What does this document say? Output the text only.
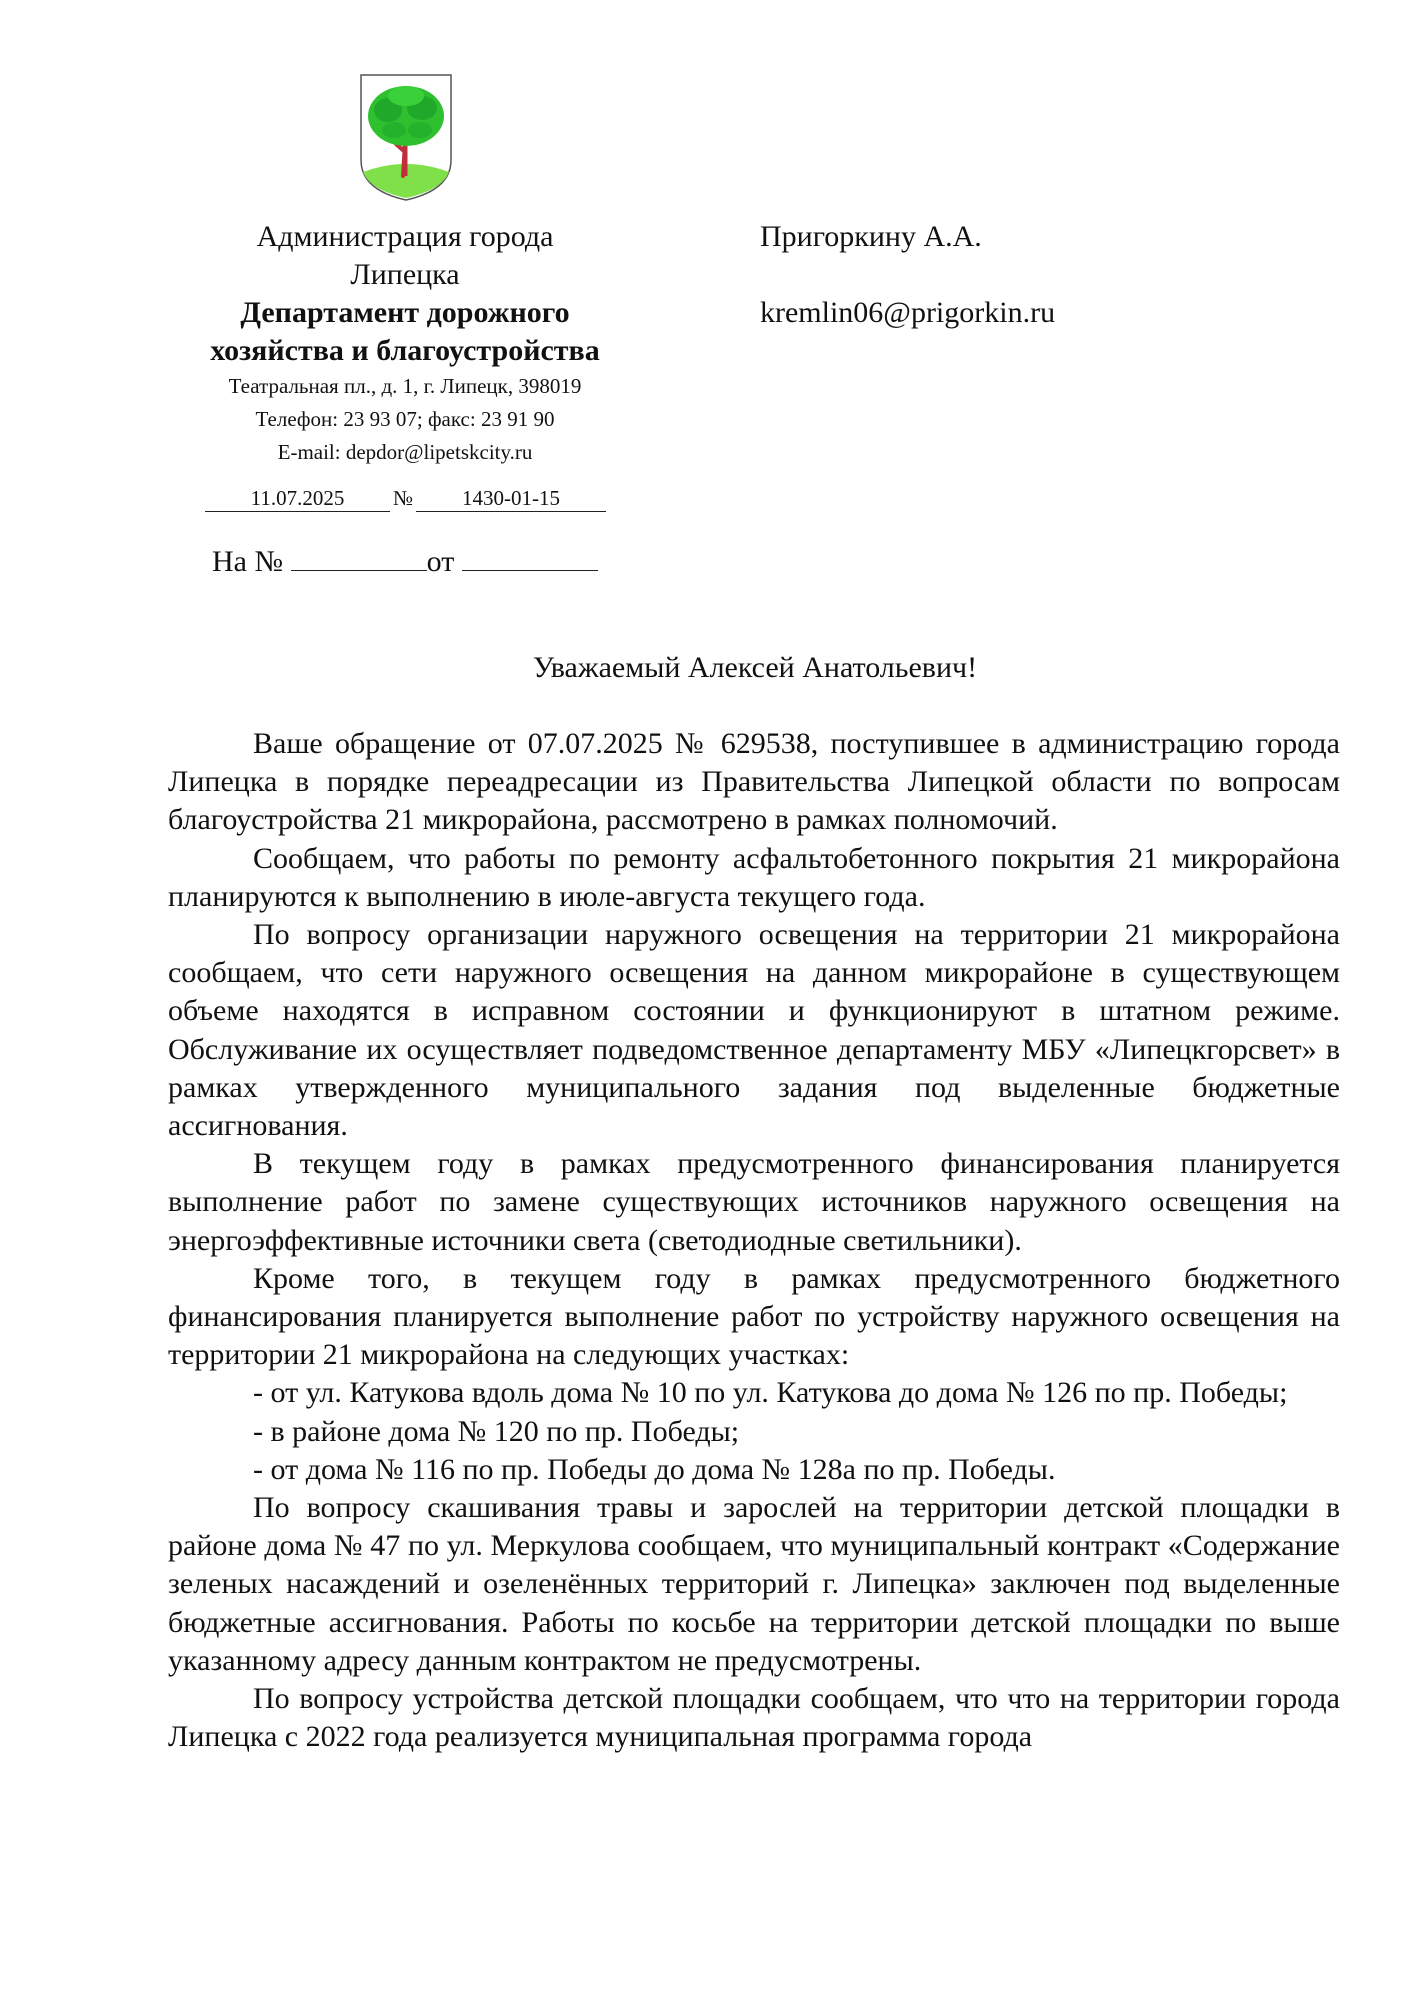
Администрация города
Липецка
Департамент дорожного
хозяйства и благоустройства
Театральная пл., д. 1, г. Липецк, 398019
Телефон: 23 93 07; факс: 23 91 90
E-mail: depdor@lipetskcity.ru
11.07.2025 № 1430-01-15
На №	от
Пригоркину А.А.
kremlin06@prigorkin.ru
Уважаемый Алексей Анатольевич!

Ваше обращение от 07.07.2025 № 629538, поступившее в администрацию города Липецка в порядке переадресации из Правительства Липецкой области по вопросам благоустройства 21 микрорайона, рассмотрено в рамках полномочий.

Сообщаем, что работы по ремонту асфальтобетонного покрытия 21 микрорайона планируются к выполнению в июле-августа текущего года.

По вопросу организации наружного освещения на территории 21 микрорайона сообщаем, что сети наружного освещения на данном микрорайоне в существующем объеме находятся в исправном состоянии и функционируют в штатном режиме. Обслуживание их осуществляет подведомственное департаменту МБУ «Липецкгорсвет» в рамках утвержденного муниципального задания под выделенные бюджетные ассигнования.

В текущем году в рамках предусмотренного финансирования планируется выполнение работ по замене существующих источников наружного освещения на энергоэффективные источники света (светодиодные светильники).

Кроме того, в текущем году в рамках предусмотренного бюджетного финансирования планируется выполнение работ по устройству наружного освещения на территории 21 микрорайона на следующих участках:

- от ул. Катукова вдоль дома № 10 по ул. Катукова до дома № 126 по пр. Победы;

- в районе дома № 120 по пр. Победы;

- от дома № 116 по пр. Победы до дома № 128а по пр. Победы.

По вопросу скашивания травы и зарослей на территории детской площадки в районе дома № 47 по ул. Меркулова сообщаем, что муниципальный контракт «Содержание зеленых насаждений и озеленённых территорий г. Липецка» заключен под выделенные бюджетные ассигнования. Работы по косьбе на территории детской площадки по выше указанному адресу данным контрактом не предусмотрены.

По вопросу устройства детской площадки сообщаем, что что на территории города Липецка с 2022 года реализуется муниципальная программа города
